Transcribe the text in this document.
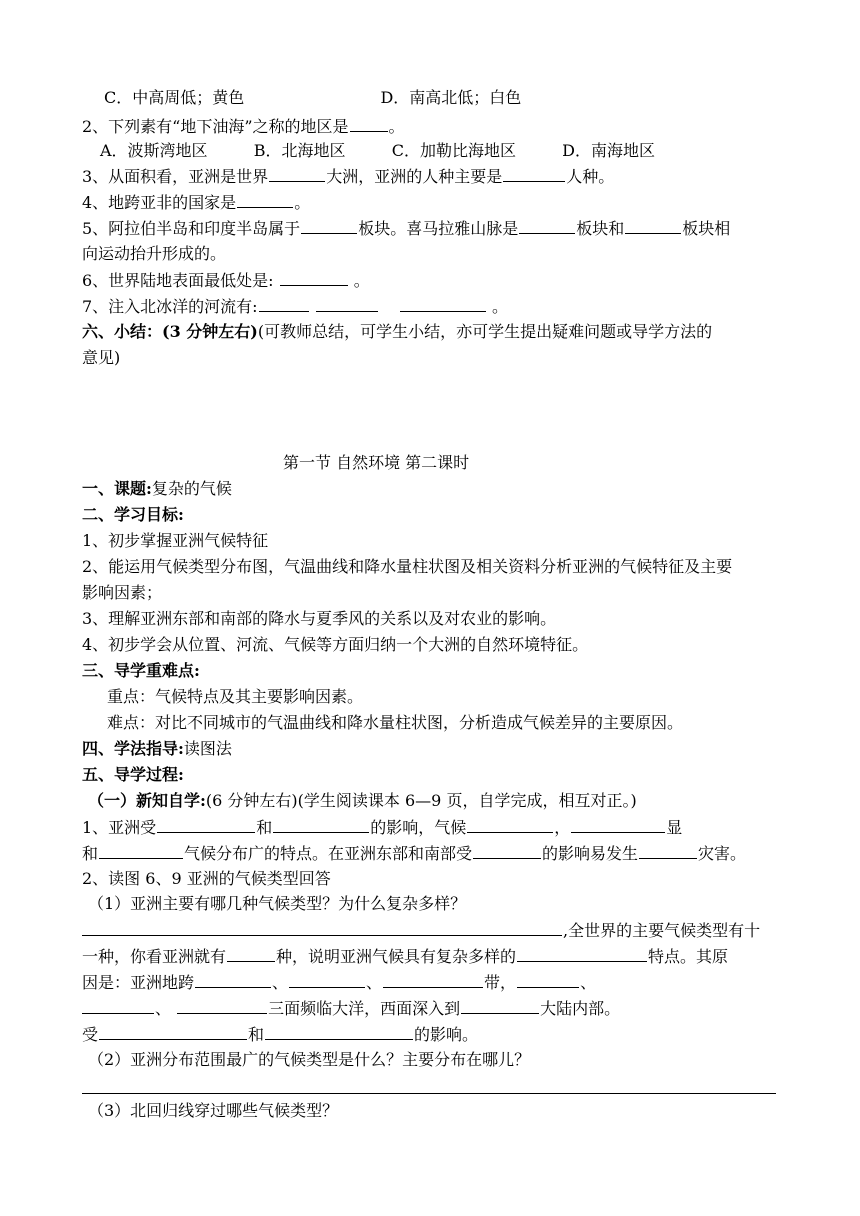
C．中高周低；黄色	D．南高北低；白色
2、下列素有“地下油海”之称的地区是	。
A．波斯湾地区	B．北海地区	C．加勒比海地区	D．南海地区
3、从面积看，亚洲是世界	大洲，亚洲的人种主要是	人种。
4、地跨亚非的国家是	。
5、阿拉伯半岛和印度半岛属于	板块。喜马拉雅山脉是	板块和	板块相
向运动抬升形成的。
6、世界陆地表面最低处是:	。
7、注入北冰洋的河流有:	。
六、小结：(3 分钟左右)(可教师总结，可学生小结，亦可学生提出疑难问题或导学方法的
意见)
第一节 自然环境 第二课时
一、课题:复杂的气候
二、学习目标:
1、初步掌握亚洲气候特征
2、能运用气候类型分布图，气温曲线和降水量柱状图及相关资料分析亚洲的气候特征及主要
影响因素；
3、理解亚洲东部和南部的降水与夏季风的关系以及对农业的影响。
4、初步学会从位置、河流、气候等方面归纳一个大洲的自然环境特征。
三、导学重难点:
重点：气候特点及其主要影响因素。
难点：对比不同城市的气温曲线和降水量柱状图，分析造成气候差异的主要原因。
四、学法指导:读图法
五、导学过程:
（一）新知自学:(6 分钟左右)(学生阅读课本 6—9 页，自学完成，相互对正。)
1、亚洲受	和	的影响，气候	，	显
和	气候分布广的特点。在亚洲东部和南部受	的影响易发生	灾害。
2、读图 6、9 亚洲的气候类型回答
（1）亚洲主要有哪几种气候类型？为什么复杂多样？
,全世界的主要气候类型有十
一种，你看亚洲就有	种，说明亚洲气候具有复杂多样的	特点。其原
因是：亚洲地跨	、	、	带，	、
、	三面频临大洋，西面深入到	大陆内部。
受	和	的影响。
（2）亚洲分布范围最广的气候类型是什么？主要分布在哪儿？
（3）北回归线穿过哪些气候类型？
